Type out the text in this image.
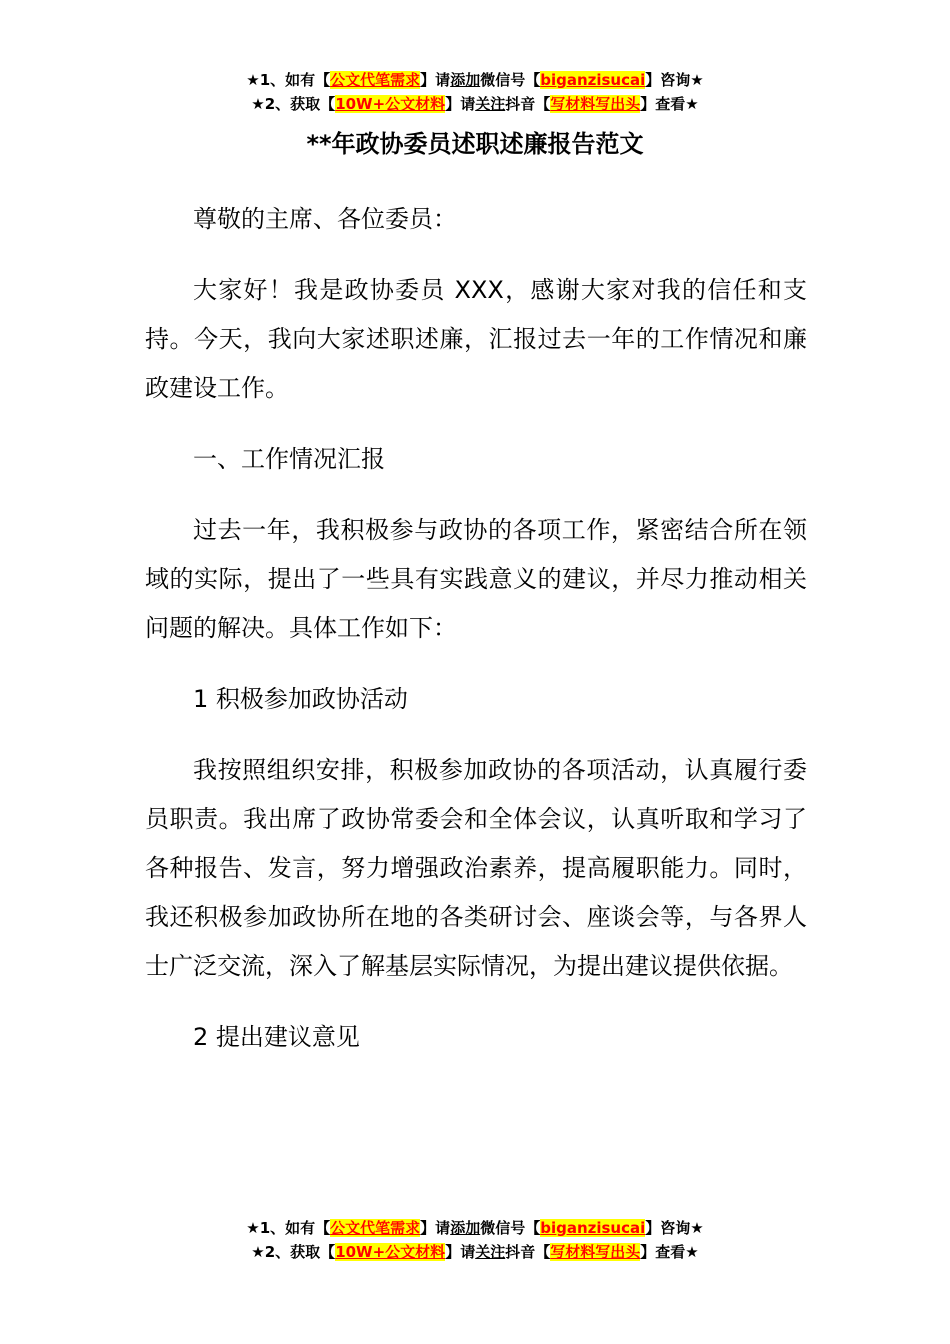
★1、如有【公文代笔需求】请添加微信号【biganzisucai】咨询★
★2、获取【10W+公文材料】请关注抖音【写材料写出头】查看★
**年政协委员述职述廉报告范文

尊敬的主席、各位委员：

大家好！我是政协委员 XXX，感谢大家对我的信任和支持。今天，我向大家述职述廉，汇报过去一年的工作情况和廉政建设工作。

一、工作情况汇报

过去一年，我积极参与政协的各项工作，紧密结合所在领域的实际，提出了一些具有实践意义的建议，并尽力推动相关问题的解决。具体工作如下：

1 积极参加政协活动

我按照组织安排，积极参加政协的各项活动，认真履行委员职责。我出席了政协常委会和全体会议，认真听取和学习了各种报告、发言，努力增强政治素养，提高履职能力。同时，我还积极参加政协所在地的各类研讨会、座谈会等，与各界人士广泛交流，深入了解基层实际情况，为提出建议提供依据。

2 提出建议意见

★1、如有【公文代笔需求】请添加微信号【biganzisucai】咨询★
★2、获取【10W+公文材料】请关注抖音【写材料写出头】查看★
